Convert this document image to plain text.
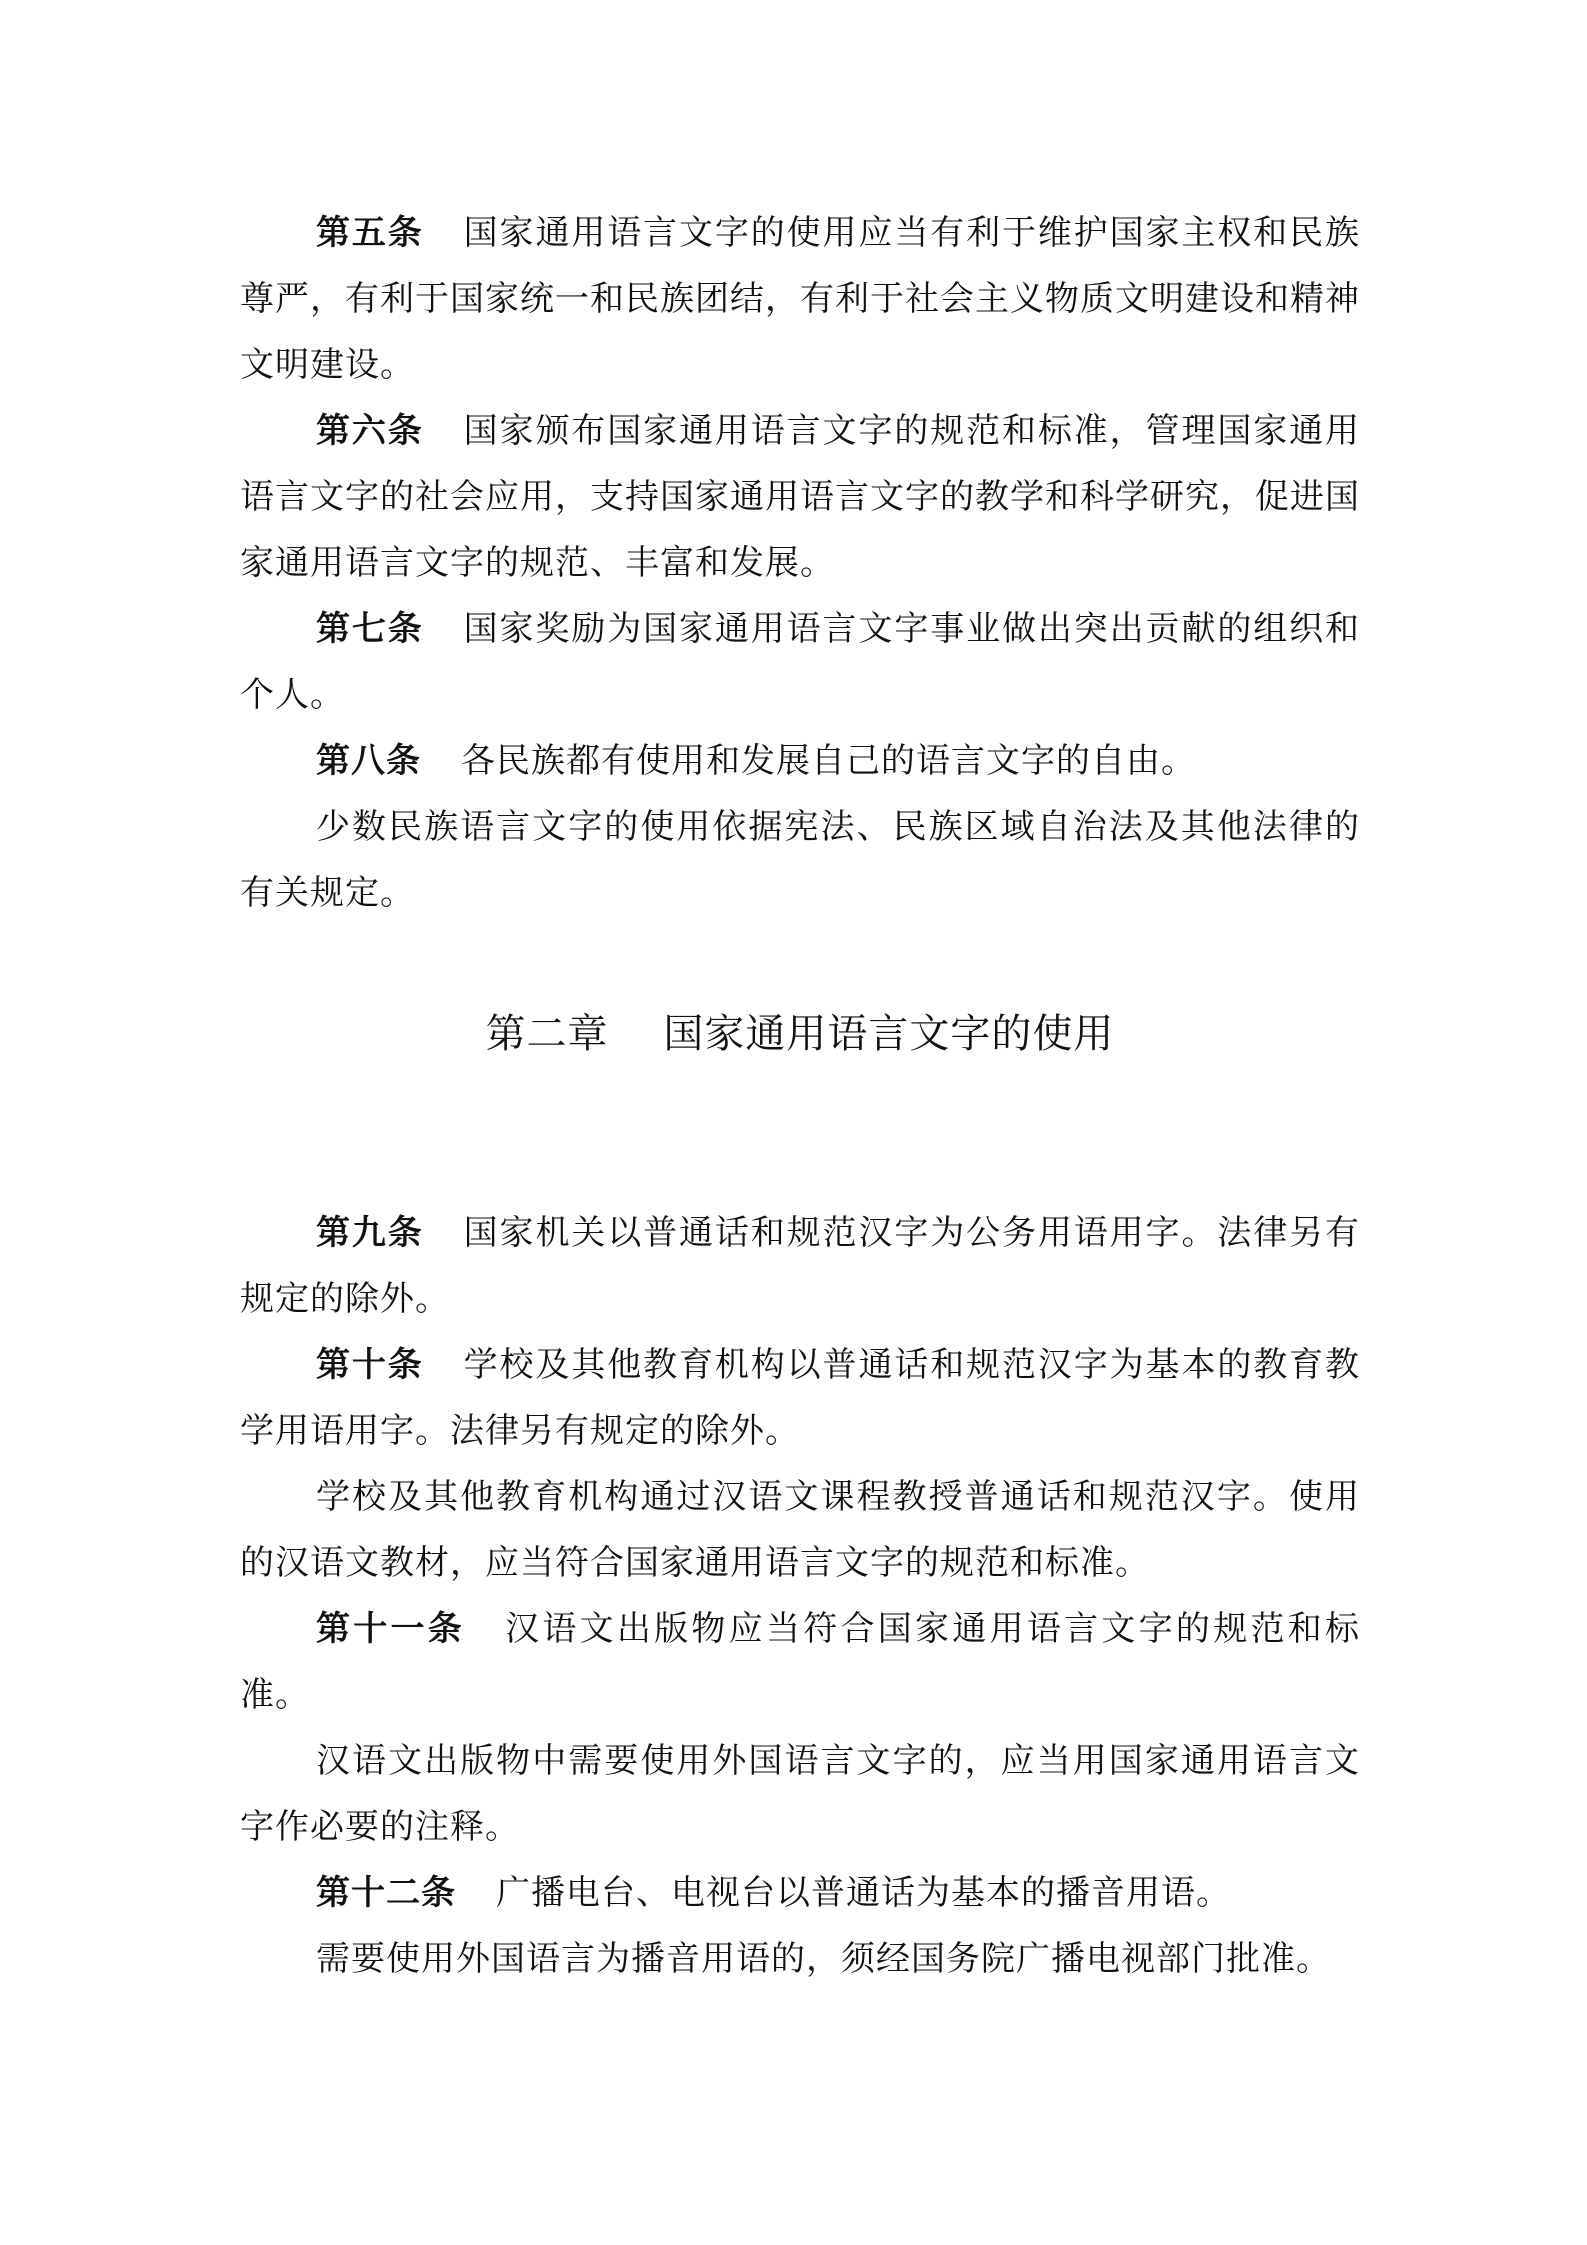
第五条 国家通用语言文字的使用应当有利于维护国家主权和民族尊严，有利于国家统一和民族团结，有利于社会主义物质文明建设和精神文明建设。

第六条 国家颁布国家通用语言文字的规范和标准，管理国家通用语言文字的社会应用，支持国家通用语言文字的教学和科学研究，促进国家通用语言文字的规范、丰富和发展。

第七条 国家奖励为国家通用语言文字事业做出突出贡献的组织和个人。

第八条 各民族都有使用和发展自己的语言文字的自由。

少数民族语言文字的使用依据宪法、民族区域自治法及其他法律的有关规定。

第二章    国家通用语言文字的使用

第九条 国家机关以普通话和规范汉字为公务用语用字。法律另有规定的除外。

第十条 学校及其他教育机构以普通话和规范汉字为基本的教育教学用语用字。法律另有规定的除外。

学校及其他教育机构通过汉语文课程教授普通话和规范汉字。使用的汉语文教材，应当符合国家通用语言文字的规范和标准。

第十一条 汉语文出版物应当符合国家通用语言文字的规范和标准。

汉语文出版物中需要使用外国语言文字的，应当用国家通用语言文字作必要的注释。

第十二条 广播电台、电视台以普通话为基本的播音用语。

需要使用外国语言为播音用语的，须经国务院广播电视部门批准。
